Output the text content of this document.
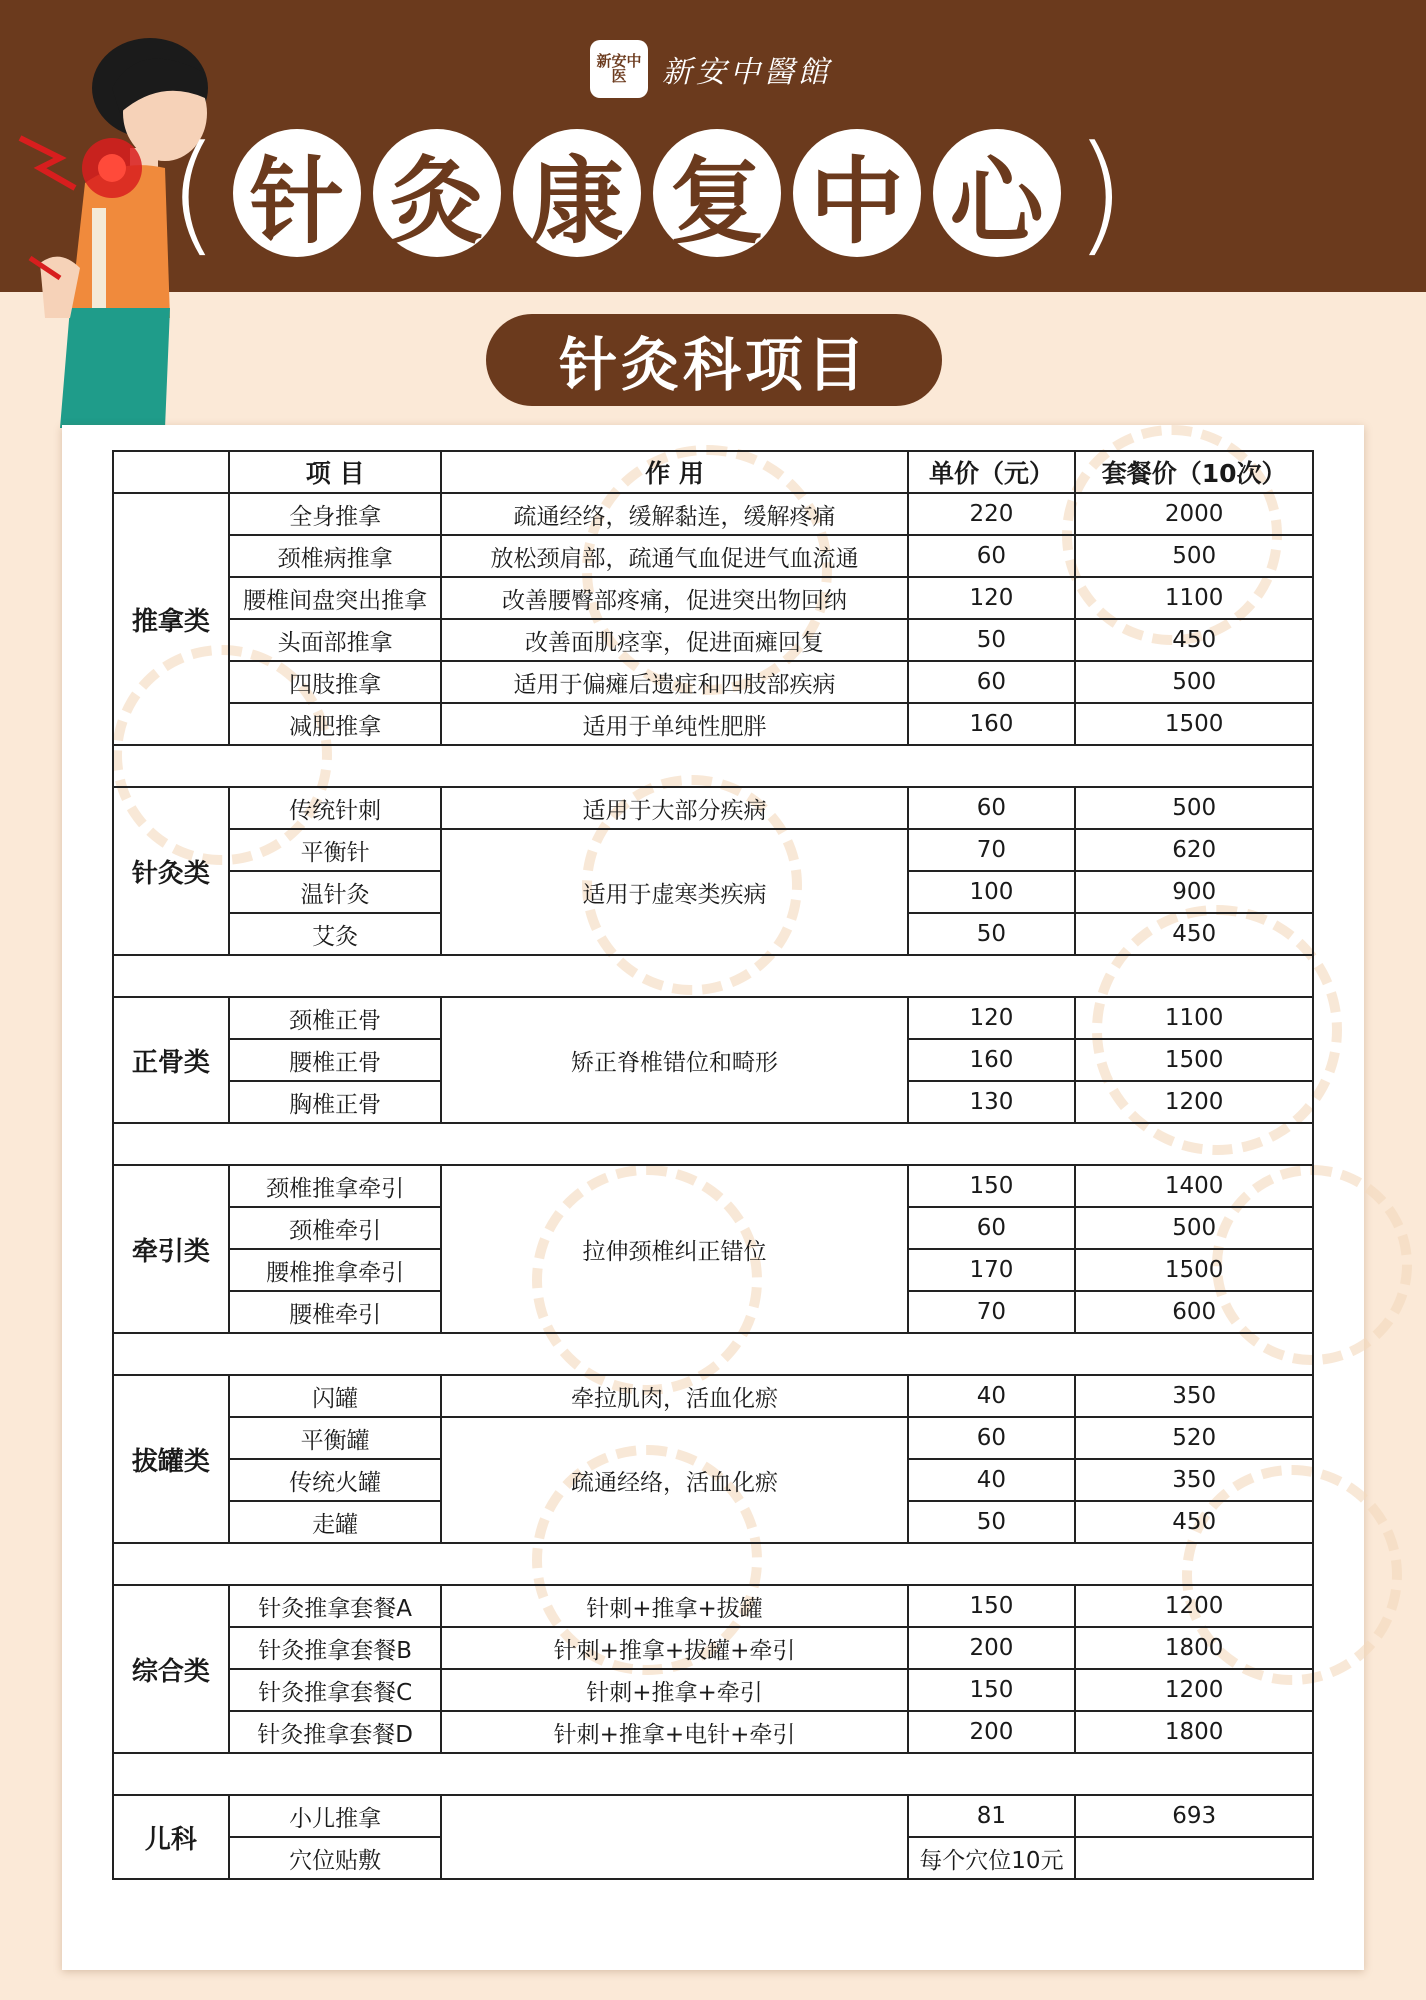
新安中医	新安中醫館
( 针 灸 康 复 中 心 )
针灸科项目
	项 目	作 用	单价（元）	套餐价（10次）
推拿类	全身推拿	疏通经络，缓解黏连，缓解疼痛	220	2000
	颈椎病推拿	放松颈肩部，疏通气血促进气血流通	60	500
	腰椎间盘突出推拿	改善腰臀部疼痛，促进突出物回纳	120	1100
	头面部推拿	改善面肌痉挛，促进面瘫回复	50	450
	四肢推拿	适用于偏瘫后遗症和四肢部疾病	60	500
	减肥推拿	适用于单纯性肥胖	160	1500

针灸类	传统针刺	适用于大部分疾病	60	500
	平衡针	适用于虚寒类疾病	70	620
	温针灸		100	900
	艾灸		50	450

正骨类	颈椎正骨	矫正脊椎错位和畸形	120	1100
	腰椎正骨		160	1500
	胸椎正骨		130	1200

牵引类	颈椎推拿牵引	拉伸颈椎纠正错位	150	1400
	颈椎牵引		60	500
	腰椎推拿牵引		170	1500
	腰椎牵引		70	600

拔罐类	闪罐	牵拉肌肉，活血化瘀	40	350
	平衡罐	疏通经络，活血化瘀	60	520
	传统火罐		40	350
	走罐		50	450

综合类	针灸推拿套餐A	针刺+推拿+拔罐	150	1200
	针灸推拿套餐B	针刺+推拿+拔罐+牵引	200	1800
	针灸推拿套餐C	针刺+推拿+牵引	150	1200
	针灸推拿套餐D	针刺+推拿+电针+牵引	200	1800

儿科	小儿推拿		81	693
	穴位贴敷		每个穴位10元	
